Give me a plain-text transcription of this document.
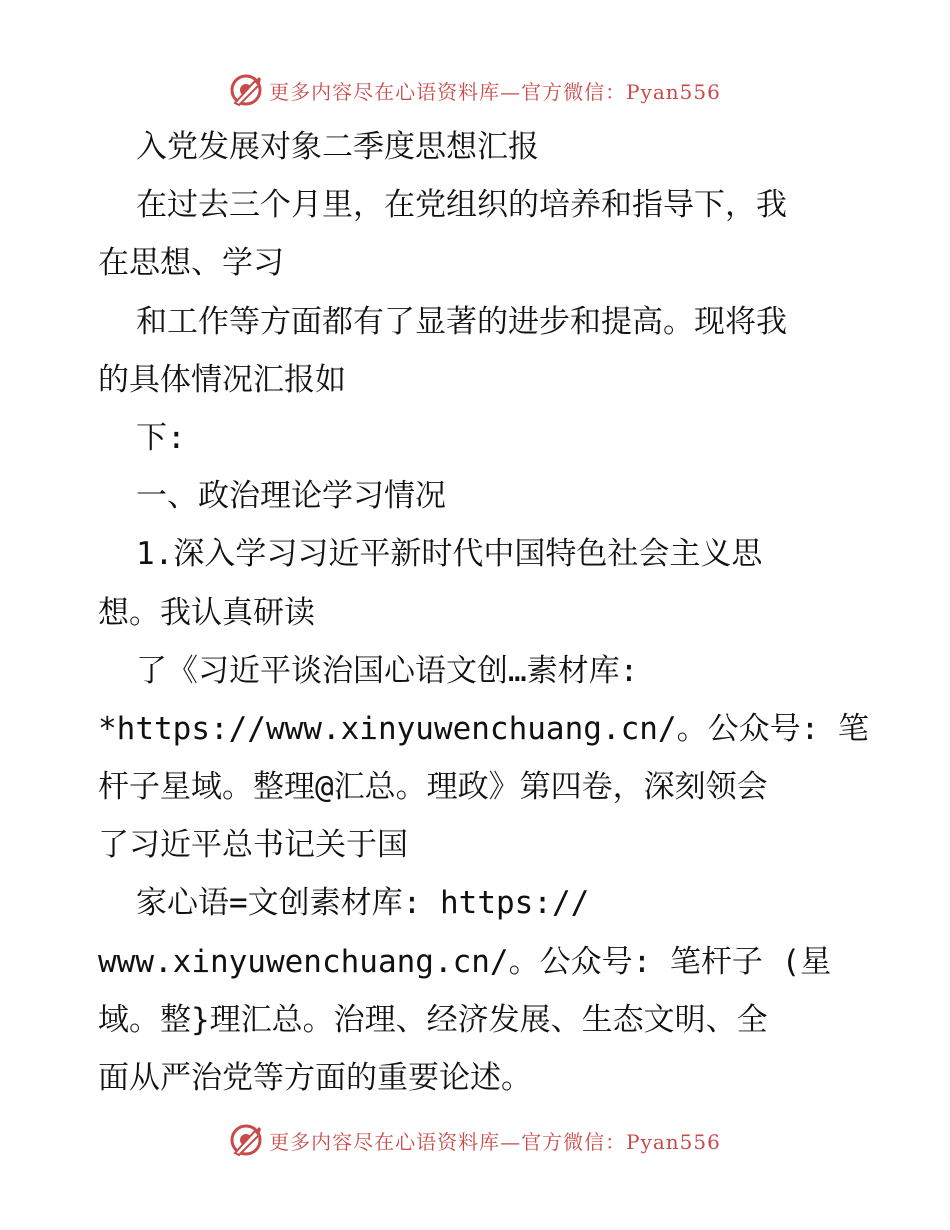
更多内容尽在心语资料库—官方微信：Pyan556
入党发展对象二季度思想汇报
在过去三个月里，在党组织的培养和指导下，我
在思想、学习
和工作等方面都有了显著的进步和提高。现将我
的具体情况汇报如
下:
一、政治理论学习情况
1.深入学习习近平新时代中国特色社会主义思
想。我认真研读
了《习近平谈治国心语文创…素材库:
*https://www.xinyuwenchuang.cn/。公众号: 笔
杆子星域。整理@汇总。理政》第四卷，深刻领会
了习近平总书记关于国
家心语=文创素材库: https://
www.xinyuwenchuang.cn/。公众号: 笔杆子 (星
域。整}理汇总。治理、经济发展、生态文明、全
面从严治党等方面的重要论述。
更多内容尽在心语资料库—官方微信：Pyan556
